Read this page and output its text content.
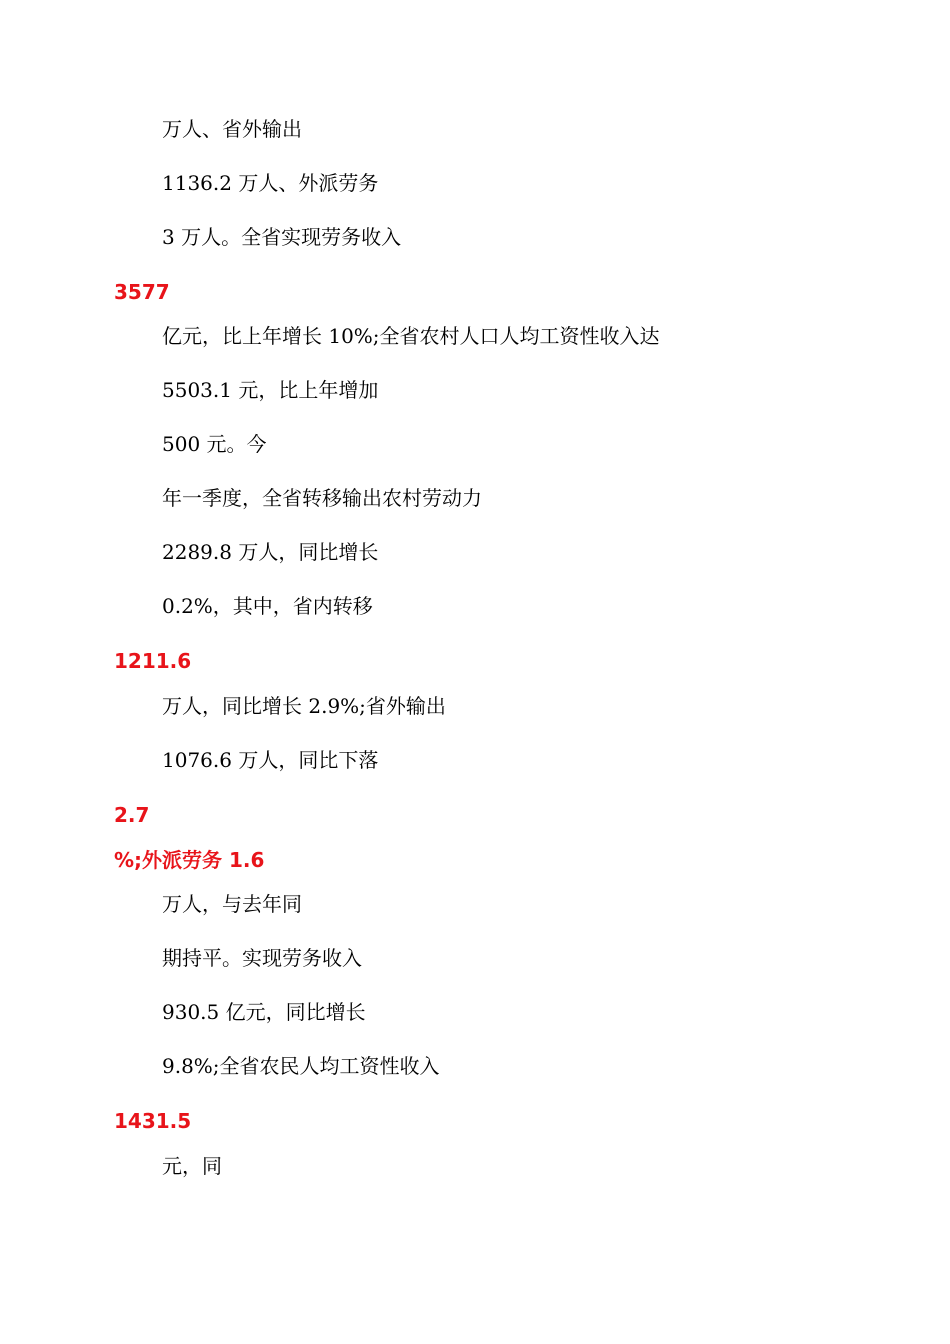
万人、省外输出
1136.2 万人、外派劳务
3 万人。全省实现劳务收入
3577
亿元，比上年增长 10%;全省农村人口人均工资性收入达
5503.1 元，比上年增加
500 元。今
年一季度，全省转移输出农村劳动力
2289.8 万人，同比增长
0.2%，其中，省内转移
1211.6
万人，同比增长 2.9%;省外输出
1076.6 万人，同比下落
2.7
%;外派劳务 1.6
万人，与去年同
期持平。实现劳务收入
930.5 亿元，同比增长
9.8%;全省农民人均工资性收入
1431.5
元，同
